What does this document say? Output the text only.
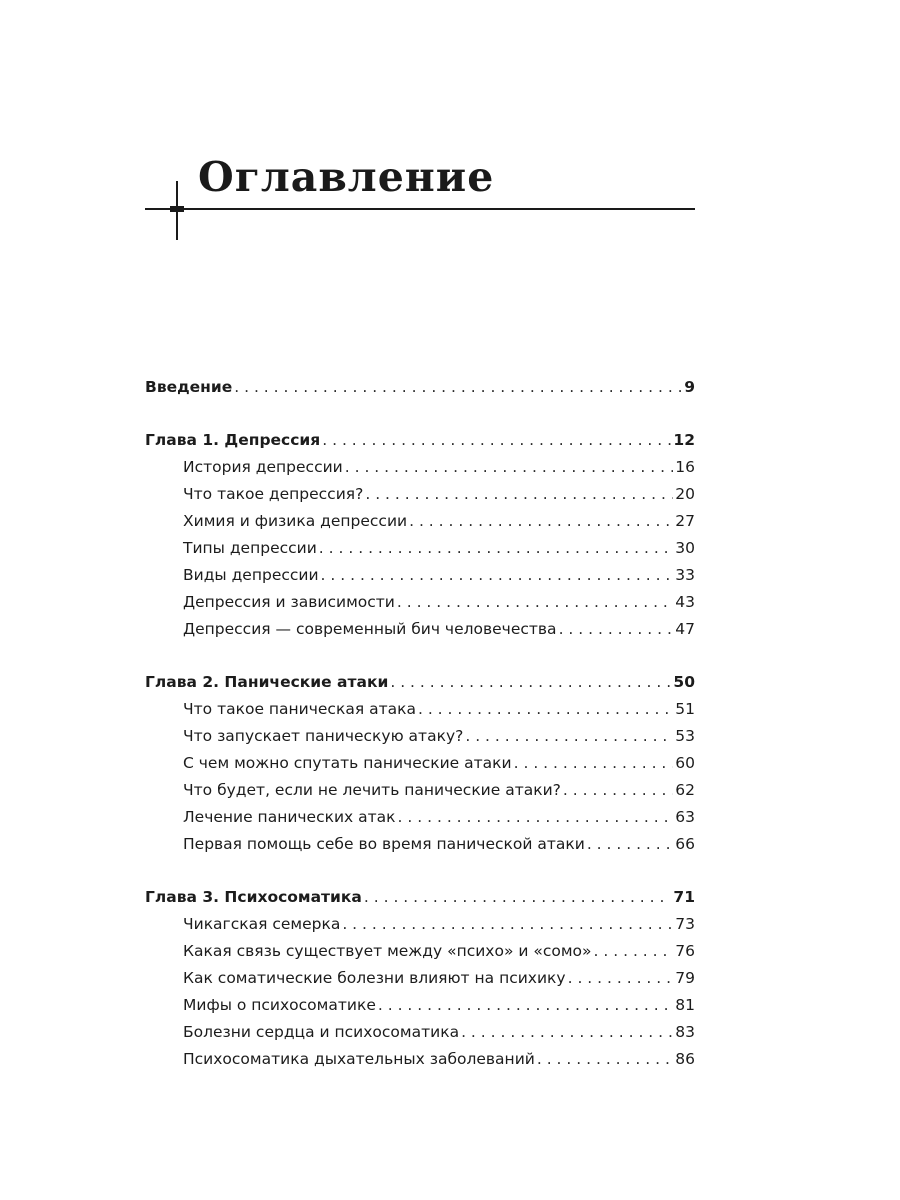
Оглавление
Введение . . .	9
Глава 1. Депрессия . . .	12
История депрессии . . .	16
Что такое депрессия? . . .	20
Химия и физика депрессии . . .	27
Типы депрессии . . .	30
Виды депрессии . . .	33
Депрессия и зависимости . . .	43
Депрессия — современный бич человечества . . .	47
Глава 2. Панические атаки . . .	50
Что такое паническая атака . . .	51
Что запускает паническую атаку? . . .	53
С чем можно спутать панические атаки . . .	60
Что будет, если не лечить панические атаки? . . .	62
Лечение панических атак . . .	63
Первая помощь себе во время панической атаки . . .	66
Глава 3. Психосоматика . . .	71
Чикагская семерка . . .	73
Какая связь существует между «психо» и «сомо» . . .	76
Как соматические болезни влияют на психику . . .	79
Мифы о психосоматике . . .	81
Болезни сердца и психосоматика . . .	83
Психосоматика дыхательных заболеваний . . .	86
